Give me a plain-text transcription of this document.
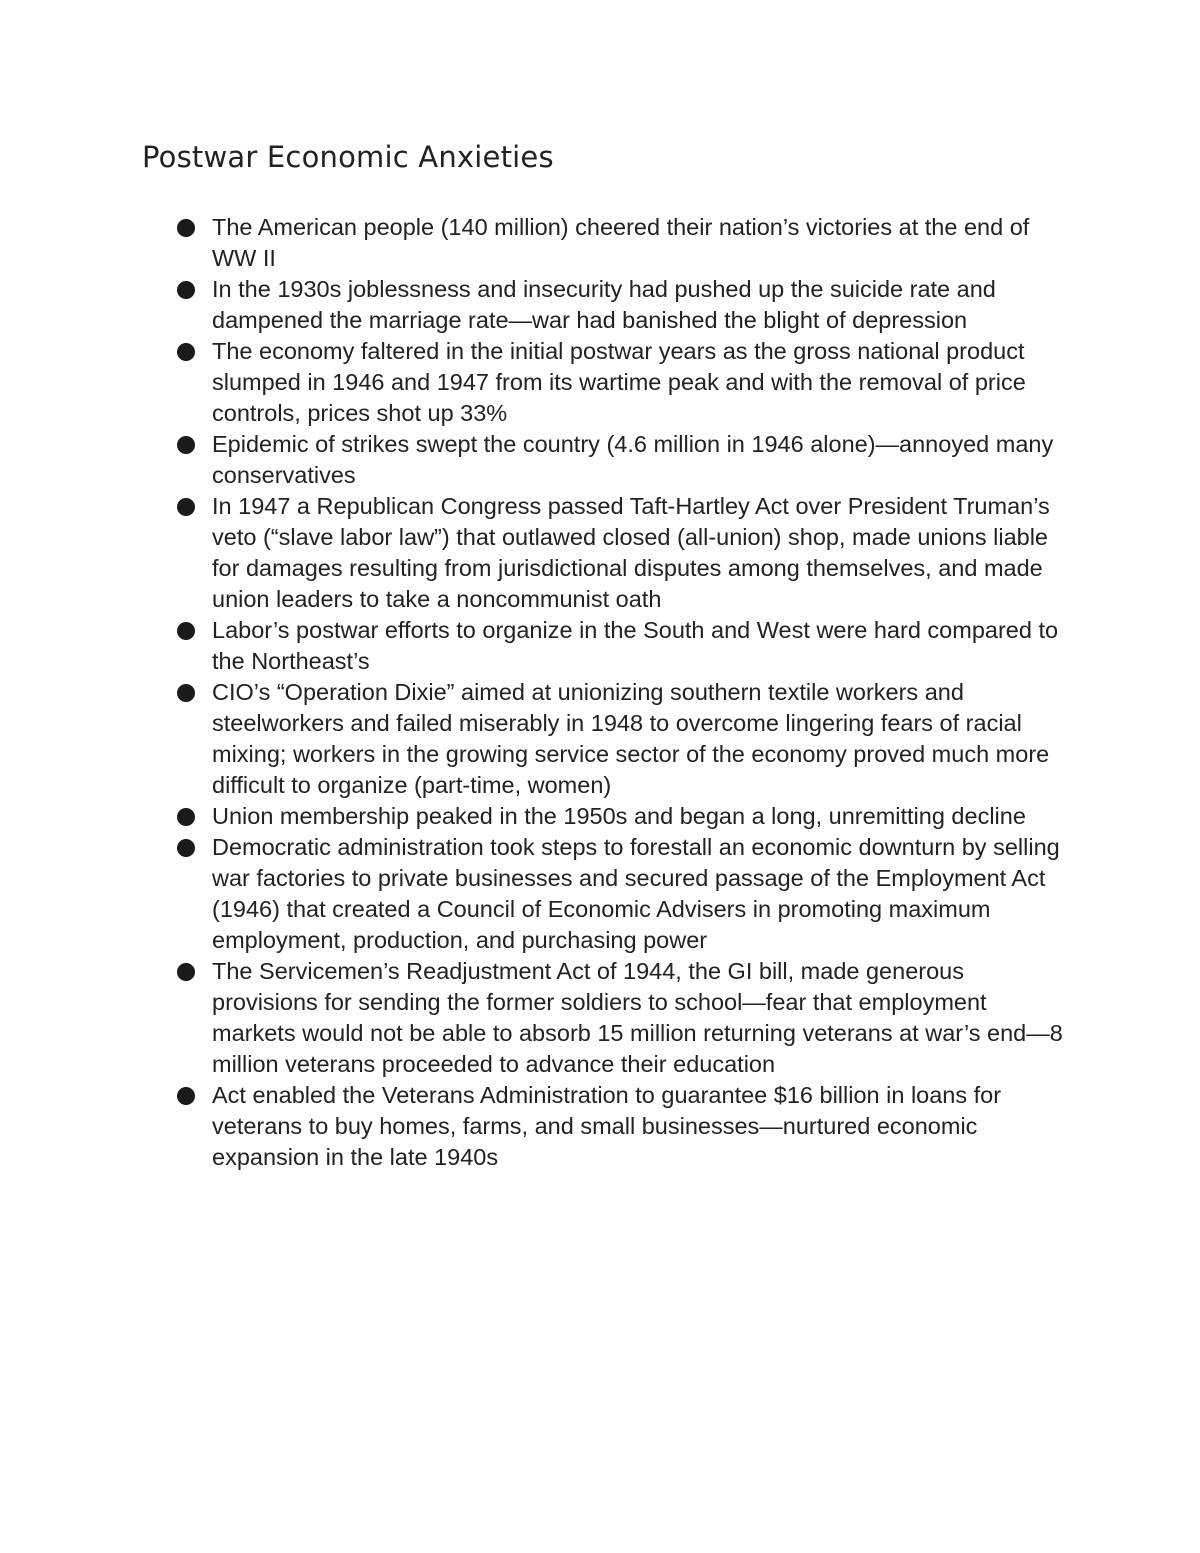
Postwar Economic Anxieties
The American people (140 million) cheered their nation’s victories at the end of WW II
In the 1930s joblessness and insecurity had pushed up the suicide rate and dampened the marriage rate—war had banished the blight of depression
The economy faltered in the initial postwar years as the gross national product slumped in 1946 and 1947 from its wartime peak and with the removal of price controls, prices shot up 33%
Epidemic of strikes swept the country (4.6 million in 1946 alone)—annoyed many conservatives
In 1947 a Republican Congress passed Taft-Hartley Act over President Truman’s veto (“slave labor law”) that outlawed closed (all-union) shop, made unions liable for damages resulting from jurisdictional disputes among themselves, and made union leaders to take a noncommunist oath
Labor’s postwar efforts to organize in the South and West were hard compared to the Northeast’s
CIO’s “Operation Dixie” aimed at unionizing southern textile workers and steelworkers and failed miserably in 1948 to overcome lingering fears of racial mixing; workers in the growing service sector of the economy proved much more difficult to organize (part-time, women)
Union membership peaked in the 1950s and began a long, unremitting decline
Democratic administration took steps to forestall an economic downturn by selling war factories to private businesses and secured passage of the Employment Act (1946) that created a Council of Economic Advisers in promoting maximum employment, production, and purchasing power
The Servicemen’s Readjustment Act of 1944, the GI bill, made generous provisions for sending the former soldiers to school—fear that employment markets would not be able to absorb 15 million returning veterans at war’s end—8 million veterans proceeded to advance their education
Act enabled the Veterans Administration to guarantee $16 billion in loans for veterans to buy homes, farms, and small businesses—nurtured economic expansion in the late 1940s
